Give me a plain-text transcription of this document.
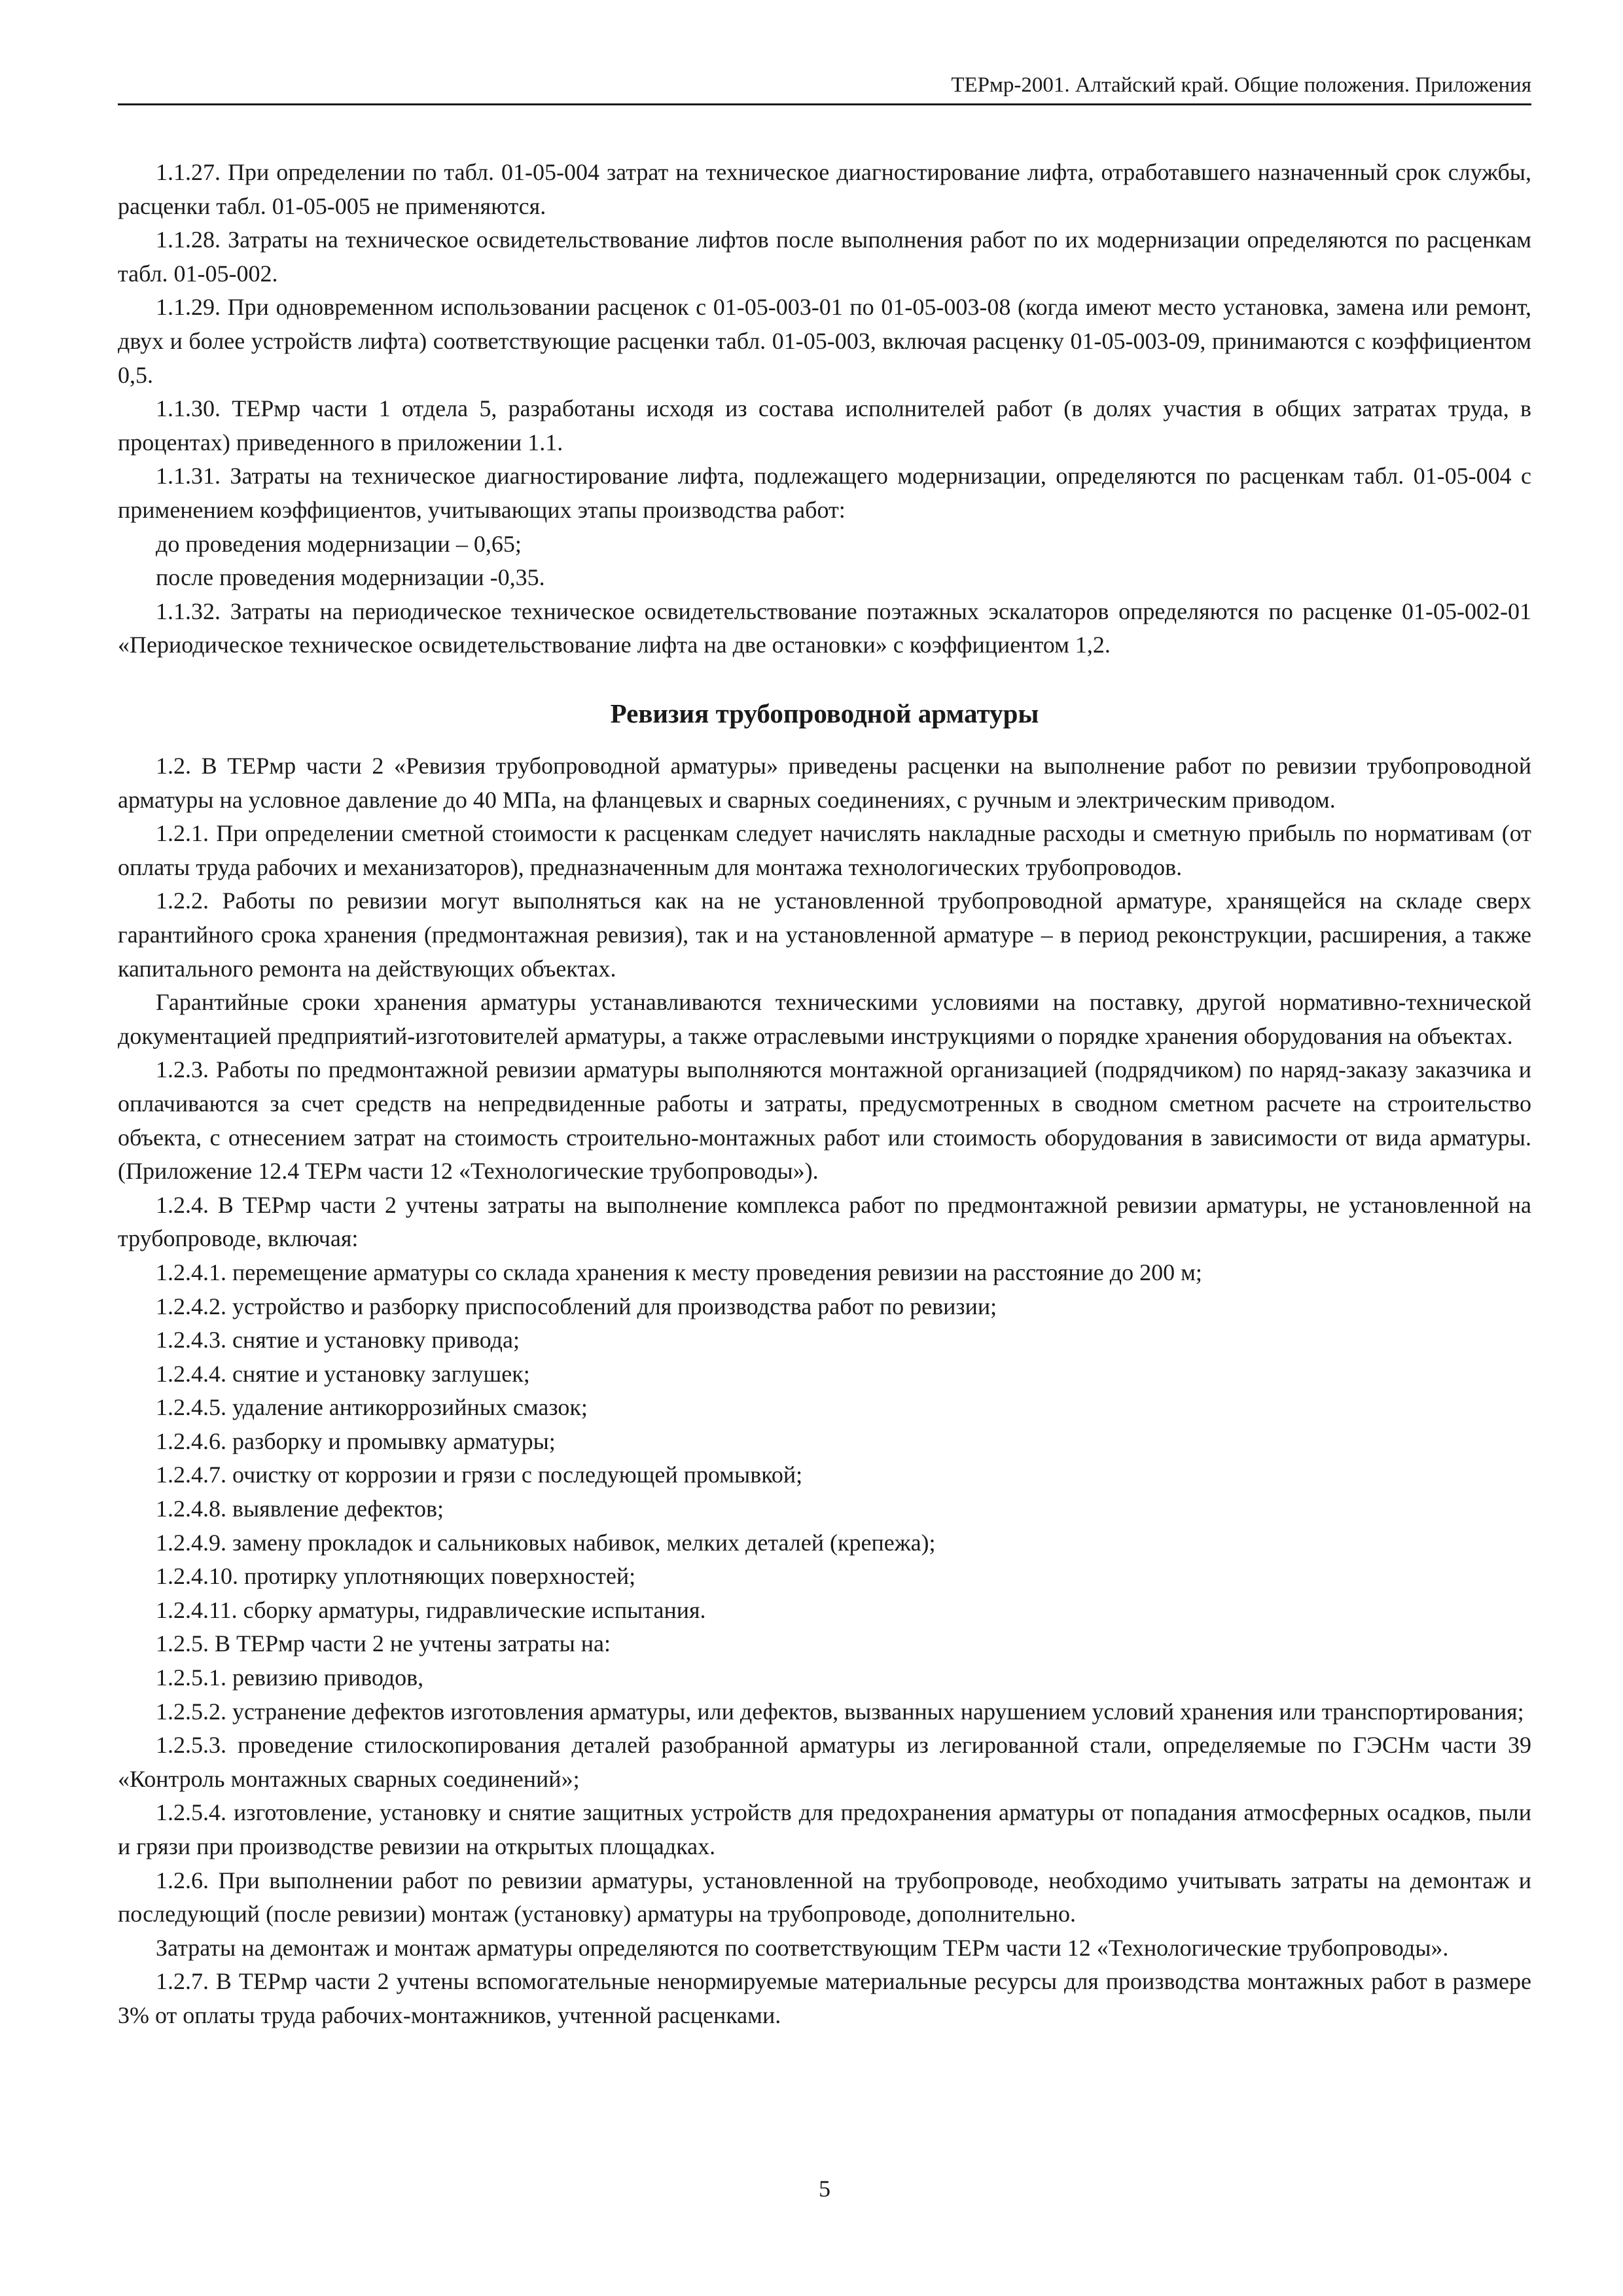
ТЕРмр-2001. Алтайский край. Общие положения. Приложения

1.1.27. При определении по табл. 01-05-004 затрат на техническое диагностирование лифта, отработавшего назначенный срок службы, расценки табл. 01-05-005 не применяются.

1.1.28. Затраты на техническое освидетельствование лифтов после выполнения работ по их модернизации определяются по расценкам табл. 01-05-002.

1.1.29. При одновременном использовании расценок с 01-05-003-01 по 01-05-003-08 (когда имеют место установка, замена или ремонт, двух и более устройств лифта) соответствующие расценки табл. 01-05-003, включая расценку 01-05-003-09, принимаются с коэффициентом 0,5.

1.1.30. ТЕРмр части 1 отдела 5, разработаны исходя из состава исполнителей работ (в долях участия в общих затратах труда, в процентах) приведенного в приложении 1.1.

1.1.31. Затраты на техническое диагностирование лифта, подлежащего модернизации, определяются по расценкам табл. 01-05-004 с применением коэффициентов, учитывающих этапы производства работ:

до проведения модернизации – 0,65;

после проведения модернизации -0,35.

1.1.32. Затраты на периодическое техническое освидетельствование поэтажных эскалаторов определяются по расценке 01-05-002-01 «Периодическое техническое освидетельствование лифта на две остановки» с коэффициентом 1,2.

Ревизия трубопроводной арматуры

1.2. В ТЕРмр части 2 «Ревизия трубопроводной арматуры» приведены расценки на выполнение работ по ревизии трубопроводной арматуры на условное давление до 40 МПа, на фланцевых и сварных соединениях, с ручным и электрическим приводом.

1.2.1. При определении сметной стоимости к расценкам следует начислять накладные расходы и сметную прибыль по нормативам (от оплаты труда рабочих и механизаторов), предназначенным для монтажа технологических трубопроводов.

1.2.2. Работы по ревизии могут выполняться как на не установленной трубопроводной арматуре, хранящейся на складе сверх гарантийного срока хранения (предмонтажная ревизия), так и на установленной арматуре – в период реконструкции, расширения, а также капитального ремонта на действующих объектах.

Гарантийные сроки хранения арматуры устанавливаются техническими условиями на поставку, другой нормативно-технической документацией предприятий-изготовителей арматуры, а также отраслевыми инструкциями о порядке хранения оборудования на объектах.

1.2.3. Работы по предмонтажной ревизии арматуры выполняются монтажной организацией (подрядчиком) по наряд-заказу заказчика и оплачиваются за счет средств на непредвиденные работы и затраты, предусмотренных в сводном сметном расчете на строительство объекта, с отнесением затрат на стоимость строительно-монтажных работ или стоимость оборудования в зависимости от вида арматуры. (Приложение 12.4 ТЕРм части 12 «Технологические трубопроводы»).

1.2.4. В ТЕРмр части 2 учтены затраты на выполнение комплекса работ по предмонтажной ревизии арматуры, не установленной на трубопроводе, включая:

1.2.4.1. перемещение арматуры со склада хранения к месту проведения ревизии на расстояние до 200 м;

1.2.4.2. устройство и разборку приспособлений для производства работ по ревизии;

1.2.4.3. снятие и установку привода;

1.2.4.4. снятие и установку заглушек;

1.2.4.5. удаление антикоррозийных смазок;

1.2.4.6. разборку и промывку арматуры;

1.2.4.7. очистку от коррозии и грязи с последующей промывкой;

1.2.4.8. выявление дефектов;

1.2.4.9. замену прокладок и сальниковых набивок, мелких деталей (крепежа);

1.2.4.10. протирку уплотняющих поверхностей;

1.2.4.11. сборку арматуры, гидравлические испытания.

1.2.5. В ТЕРмр части 2 не учтены затраты на:

1.2.5.1. ревизию приводов,

1.2.5.2. устранение дефектов изготовления арматуры, или дефектов, вызванных нарушением условий хранения или транспортирования;

1.2.5.3. проведение стилоскопирования деталей разобранной арматуры из легированной стали, определяемые по ГЭСНм части 39 «Контроль монтажных сварных соединений»;

1.2.5.4. изготовление, установку и снятие защитных устройств для предохранения арматуры от попадания атмосферных осадков, пыли и грязи при производстве ревизии на открытых площадках.

1.2.6. При выполнении работ по ревизии арматуры, установленной на трубопроводе, необходимо учитывать затраты на демонтаж и последующий (после ревизии) монтаж (установку) арматуры на трубопроводе, дополнительно.

Затраты на демонтаж и монтаж арматуры определяются по соответствующим ТЕРм части 12 «Технологические трубопроводы».

1.2.7. В ТЕРмр части 2 учтены вспомогательные ненормируемые материальные ресурсы для производства монтажных работ в размере 3% от оплаты труда рабочих-монтажников, учтенной расценками.

5
